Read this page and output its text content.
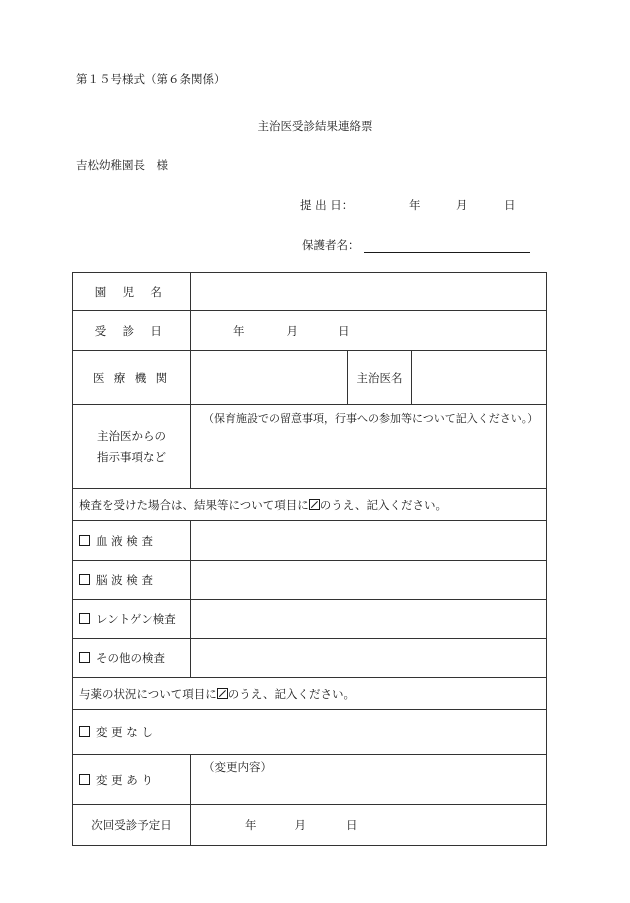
第１５号様式（第６条関係）
主治医受診結果連絡票
吉松幼稚園長　様
提 出 日：	年	月	日
保護者名：
園 児 名			
受 診 日	年 月 日		
医 療 機 関		主治医名	
主治医からの
指示事項など	（保育施設での留意事項，行事への参加等について記入ください。）		
検査を受けた場合は、結果等について項目に のうえ、記入ください。			
血 液 検 査			
脳 波 検 査			
レントゲン検査			
その他の検査			
与薬の状況について項目に のうえ、記入ください。			
変 更 な し			
変 更 あ り	（変更内容）		
次回受診予定日	年 月 日		
